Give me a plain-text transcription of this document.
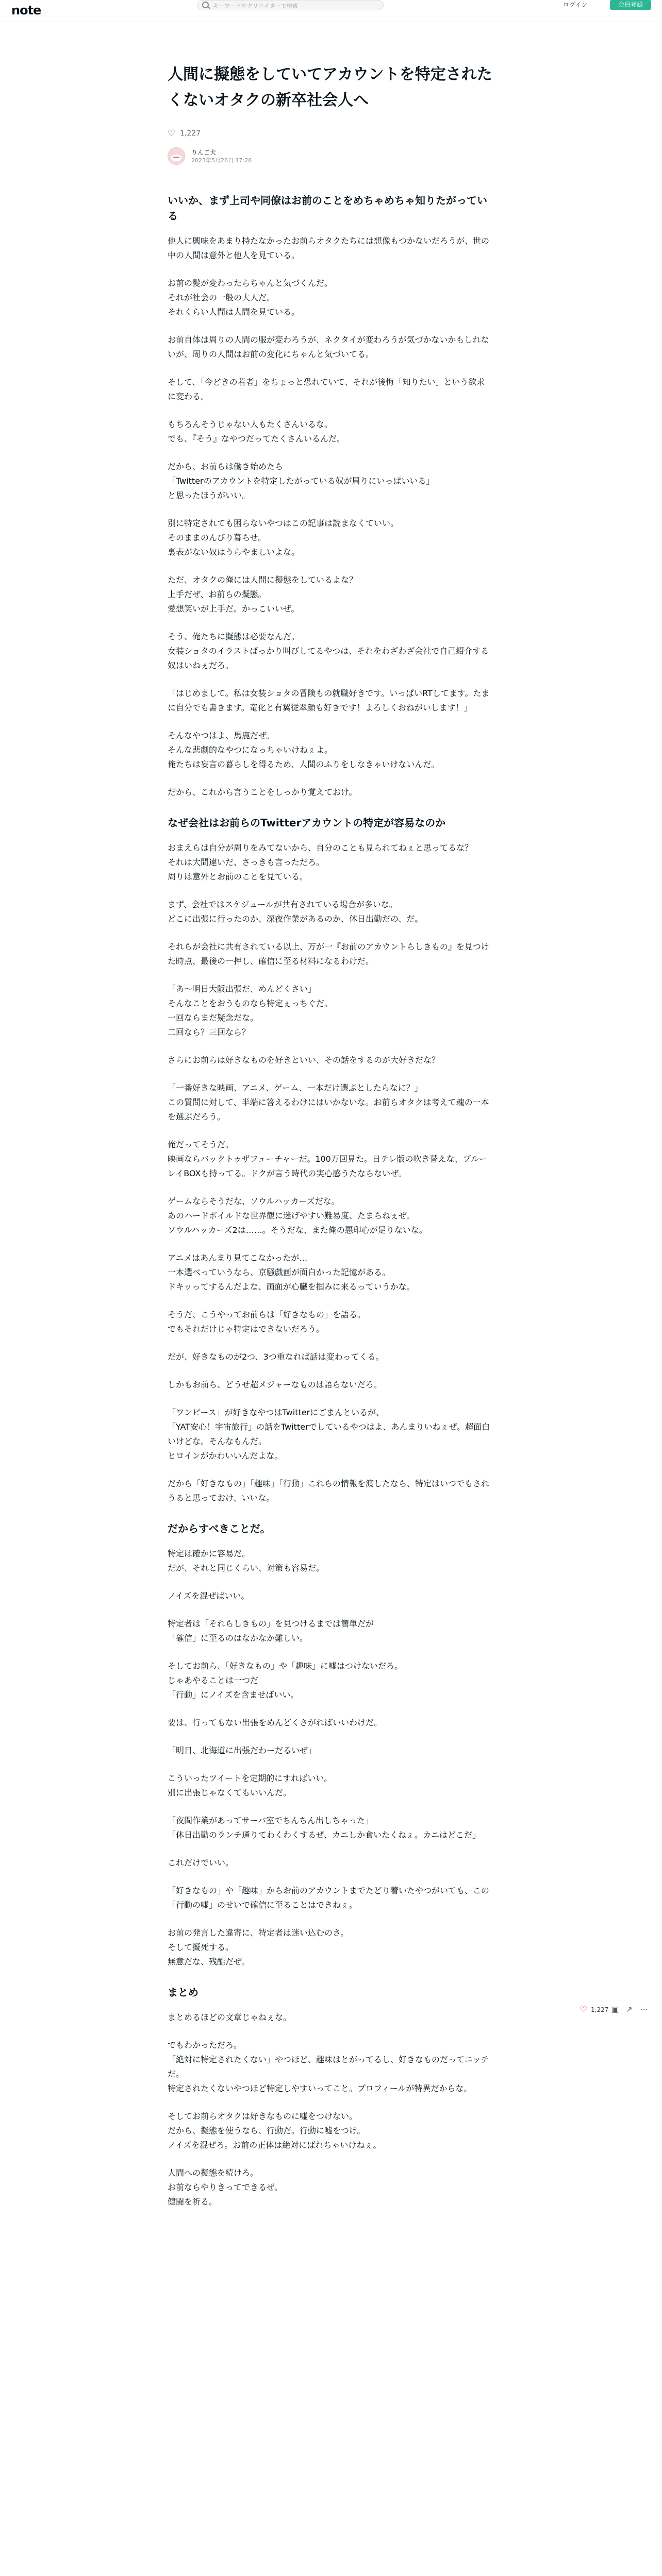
note	キーワードやクリエイターで検索	ログイン	会員登録
人間に擬態をしていてアカウントを特定されたくないオタクの新卒社会人へ
♡
1,227
りんご犬
2023年5月26日 17:26
いいか、まず上司や同僚はお前のことをめちゃめちゃ知りたがっている

他人に興味をあまり持たなかったお前らオタクたちには想像もつかないだろうが、世の中の人間は意外と他人を見ている。

お前の髪が変わったらちゃんと気づくんだ。
それが社会の一般の大人だ。
それくらい人間は人間を見ている。

お前自体は周りの人間の服が変わろうが、ネクタイが変わろうが気づかないかもしれないが、周りの人間はお前の変化にちゃんと気づいてる。

そして、「今どきの若者」をちょっと恐れていて、それが後悔「知りたい」という欲求に変わる。

もちろんそうじゃない人もたくさんいるな。
でも、『そう』なやつだってたくさんいるんだ。

だから、お前らは働き始めたら
「Twitterのアカウントを特定したがっている奴が周りにいっぱいいる」
と思ったほうがいい。

別に特定されても困らないやつはこの記事は読まなくていい。
そのままのんびり暮らせ。
裏表がない奴はうらやましいよな。

ただ、オタクの俺には人間に擬態をしているよな？
上手だぜ、お前らの擬態。
愛想笑いが上手だ。かっこいいぜ。

そう、俺たちに擬態は必要なんだ。
女装ショタのイラストばっかり叫びしてるやつは、それをわざわざ会社で自己紹介する奴はいねぇだろ。

「はじめまして。私は女装ショタの冒険もの就職好きです。いっぱいRTしてます。たまに自分でも書きます。竜化と有翼従翠顔も好きです！よろしくおねがいします！」

そんなやつはよ、馬鹿だぜ。
そんな悲劇的なやつになっちゃいけねぇよ。
俺たちは妄言の暮らしを得るため、人間のふりをしなきゃいけないんだ。

だから、これから言うことをしっかり覚えておけ。

なぜ会社はお前らのTwitterアカウントの特定が容易なのか

おまえらは自分が周りをみてないから、自分のことも見られてねぇと思ってるな？
それは大間違いだ、さっきも言っただろ。
周りは意外とお前のことを見ている。

まず、会社ではスケジュールが共有されている場合が多いな。
どこに出張に行ったのか、深夜作業があるのか、休日出勤だの、だ。

それらが会社に共有されている以上、万が一『お前のアカウントらしきもの』を見つけた時点、最後の一押し、確信に至る材料になるわけだ。

「あ〜明日大阪出張だ、めんどくさい」
そんなことをおうものなら特定ぇっちぐだ。
一回ならまだ疑念だな。
二回なら？三回なら？

さらにお前らは好きなものを好きといい、その話をするのが大好きだな？

「一番好きな映画、アニメ、ゲーム、一本だけ選ぶとしたらなに？」
この質問に対して、半端に答えるわけにはいかないな。お前らオタクは考えて魂の一本を選ぶだろう。

俺だってそうだ。
映画ならバックトゥザフューチャーだ。100万回見た。日テレ版の吹き替えな、ブルーレイBOXも持ってる。ドクが言う時代の実心感うたならないぜ。

ゲームならそうだな、ソウルハッカーズだな。
あのハードボイルドな世界観に迷げやすい難易度、たまらねぇぜ。
ソウルハッカーズ2は……。そうだな、また俺の悪印心が足りないな。

アニメはあんまり見てこなかったが…
一本選べっていうなら、京騒戯画が面白かった記憶がある。
ドキッってするんだよな、画面が心臓を掴みに来るっていうかな。

そうだ、こうやってお前らは「好きなもの」を語る。
でもそれだけじゃ特定はできないだろう。

だが、好きなものが2つ、3つ重なれば話は変わってくる。

しかもお前ら、どうせ超メジャーなものは語らないだろ。

「ワンピース」が好きなやつはTwitterにごまんといるが、
「YAT安心！宇宙旅行」の話をTwitterでしているやつはよ、あんまりいねぇぜ。超面白いけどな。そんなもんだ。
ヒロインがかわいいんだよな。

だから「好きなもの」「趣味」「行動」これらの情報を渡したなら、特定はいつでもされうると思っておけ、いいな。

だからすべきことだ。

特定は確かに容易だ。
だが、それと同じくらい、対策も容易だ。

ノイズを混ぜばいい。

特定者は「それらしきもの」を見つけるまでは簡単だが
「確信」に至るのはなかなか難しい。

そしてお前ら、「好きなもの」や「趣味」に嘘はつけないだろ。
じゃあやることは一つだ
「行動」にノイズを含ませばいい。

要は、行ってもない出張をめんどくさがればいいわけだ。

「明日、北海道に出張だわーだるいぜ」

こういったツイートを定期的にすればいい。
別に出張じゃなくてもいいんだ。

「夜間作業があってサーバ室でちんちん出しちゃった」
「休日出勤のランチ通りてわくわくするぜ、カニしか食いたくねぇ。カニはどこだ」

これだけでいい。

「好きなもの」や「趣味」からお前のアカウントまでたどり着いたやつがいても、この「行動の嘘」のせいで確信に至ることはできねぇ。

お前の発言した違寄に、特定者は迷い込むのさ。
そして擬死する。
無意だな、残酷だぜ。

まとめ

まとめるほどの文章じゃねぇな。

でもわかっただろ。
「絶対に特定されたくない」やつほど、趣味はとがってるし、好きなものだってニッチだ。
特定されたくないやつほど特定しやすいってこと。プロフィールが特異だからな。

そしてお前らオタクは好きなものに嘘をつけない。
だから、擬態を使うなら、行動だ。行動に嘘をつけ。
ノイズを混ぜろ。お前の正体は絶対にばれちゃいけねぇ。

人間への擬態を続けろ。
お前ならやりきってできるぜ。
健闘を祈る。

♡ 1,227 ▣ ↗ ⋯
